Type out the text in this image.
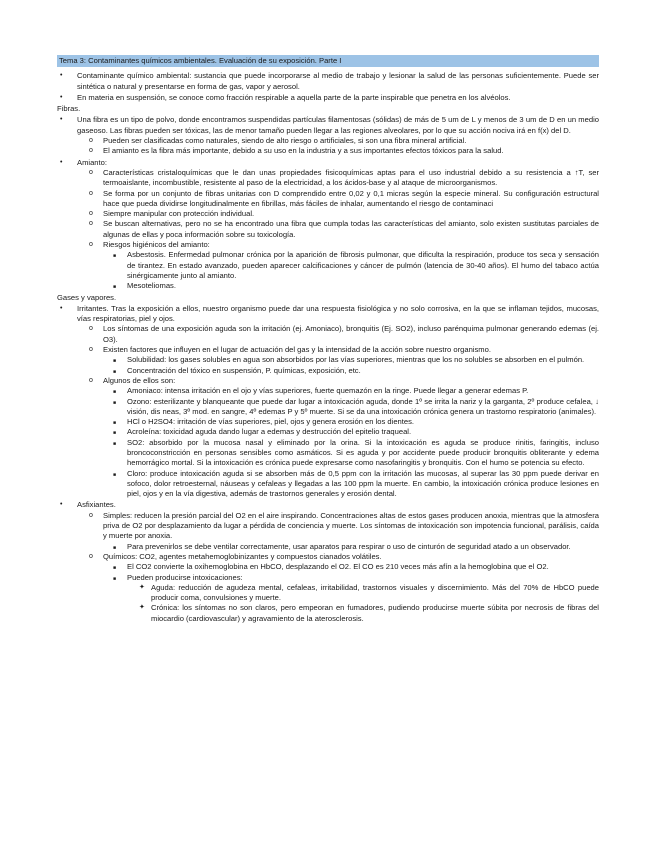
Tema 3: Contaminantes químicos ambientales. Evaluación de su exposición. Parte I
• Contaminante químico ambiental: sustancia que puede incorporarse al medio de trabajo y lesionar la salud de las personas suficientemente. Puede ser sintética o natural y presentarse en forma de gas, vapor y aerosol.
• En materia en suspensión, se conoce como fracción respirable a aquella parte de la parte inspirable que penetra en los alvéolos.
Fibras.
• Una fibra es un tipo de polvo, donde encontramos suspendidas partículas filamentosas (sólidas) de más de 5 um de L y menos de 3 um de D en un medio gaseoso. Las fibras pueden ser tóxicas, las de menor tamaño pueden llegar a las regiones alveolares, por lo que su acción nociva irá en f(x) del D.
o Pueden ser clasificadas como naturales, siendo de alto riesgo o artificiales, si son una fibra mineral artificial.
o El amianto es la fibra más importante, debido a su uso en la industria y a sus importantes efectos tóxicos para la salud.
• Amianto:
o Características cristaloquímicas que le dan unas propiedades fisicoquímicas aptas para el uso industrial debido a su resistencia a ↑T, ser termoaislante, incombustible, resistente al paso de la electricidad, a los ácidos-base y al ataque de microorganismos.
o Se forma por un conjunto de fibras unitarias con D comprendido entre 0,02 y 0,1 micras según la especie mineral. Su configuración estructural hace que pueda dividirse longitudinalmente en fibrillas, más fáciles de inhalar, aumentando el riesgo de contaminaci
o Siempre manipular con protección individual.
o Se buscan alternativas, pero no se ha encontrado una fibra que cumpla todas las características del amianto, solo existen sustitutas parciales de algunas de ellas y poca información sobre su toxicología.
o Riesgos higiénicos del amianto:
■ Asbestosis. Enfermedad pulmonar crónica por la aparición de fibrosis pulmonar, que dificulta la respiración, produce tos seca y sensación de tirantez. En estado avanzado, pueden aparecer calcificaciones y cáncer de pulmón (latencia de 30-40 años). El humo del tabaco actúa sinérgicamente junto al amianto.
■ Mesoteliomas.
Gases y vapores.
• Irritantes. Tras la exposición a ellos, nuestro organismo puede dar una respuesta fisiológica y no solo corrosiva, en la que se inflaman tejidos, mucosas, vías respiratorias, piel y ojos.
o Los síntomas de una exposición aguda son la irritación (ej. Amoniaco), bronquitis (Ej. SO2), incluso parénquima pulmonar generando edemas (ej. O3).
o Existen factores que influyen en el lugar de actuación del gas y la intensidad de la acción sobre nuestro organismo.
■ Solubilidad: los gases solubles en agua son absorbidos por las vías superiores, mientras que los no solubles se absorben en el pulmón.
■ Concentración del tóxico en suspensión, P. químicas, exposición, etc.
o Algunos de ellos son:
■ Amoniaco: intensa irritación en el ojo y vías superiores, fuerte quemazón en la ringe. Puede llegar a generar edemas P.
■ Ozono: esterilizante y blanqueante que puede dar lugar a intoxicación aguda, donde 1º se irrita la nariz y la garganta, 2º produce cefalea, ↓ visión, dis neas, 3º mod. en sangre, 4º edemas P y 5º muerte. Si se da una intoxicación crónica genera un trastorno respiratorio (animales).
■ HCl o H2SO4: irritación de vías superiores, piel, ojos y genera erosión en los dientes.
■ Acroleína: toxicidad aguda dando lugar a edemas y destrucción del epitelio traqueal.
■ SO2: absorbido por la mucosa nasal y eliminado por la orina. Si la intoxicación es aguda se produce rinitis, faringitis, incluso broncoconstricción en personas sensibles como asmáticos. Si es aguda y por accidente puede producir bronquitis obliterante y edema hemorrágico mortal. Si la intoxicación es crónica puede expresarse como nasofaringitis y bronquitis. Con el humo se potencia su efecto.
■ Cloro: produce intoxicación aguda si se absorben más de 0,5 ppm con la irritación las mucosas, al superar las 30 ppm puede derivar en sofoco, dolor retroesternal, náuseas y cefaleas y llegadas a las 100 ppm la muerte. En cambio, la intoxicación crónica produce lesiones en piel, ojos y en la vía digestiva, además de trastornos generales y erosión dental.
• Asfixiantes.
o Simples: reducen la presión parcial del O2 en el aire inspirando. Concentraciones altas de estos gases producen anoxia, mientras que la atmosfera priva de O2 por desplazamiento da lugar a pérdida de conciencia y muerte. Los síntomas de intoxicación son impotencia funcional, parálisis, caída y muerte por anoxia.
■ Para prevenirlos se debe ventilar correctamente, usar aparatos para respirar o uso de cinturón de seguridad atado a un observador.
o Químicos: CO2, agentes metahemoglobinizantes y compuestos cianados volátiles.
■ El CO2 convierte la oxihemoglobina en HbCO, desplazando el O2. El CO es 210 veces más afín a la hemoglobina que el O2.
■ Pueden producirse intoxicaciones:
✦ Aguda: reducción de agudeza mental, cefaleas, irritabilidad, trastornos visuales y discernimiento. Más del 70% de HbCO puede producir coma, convulsiones y muerte.
✦ Crónica: los síntomas no son claros, pero empeoran en fumadores, pudiendo producirse muerte súbita por necrosis de fibras del miocardio (cardiovascular) y agravamiento de la aterosclerosis.
